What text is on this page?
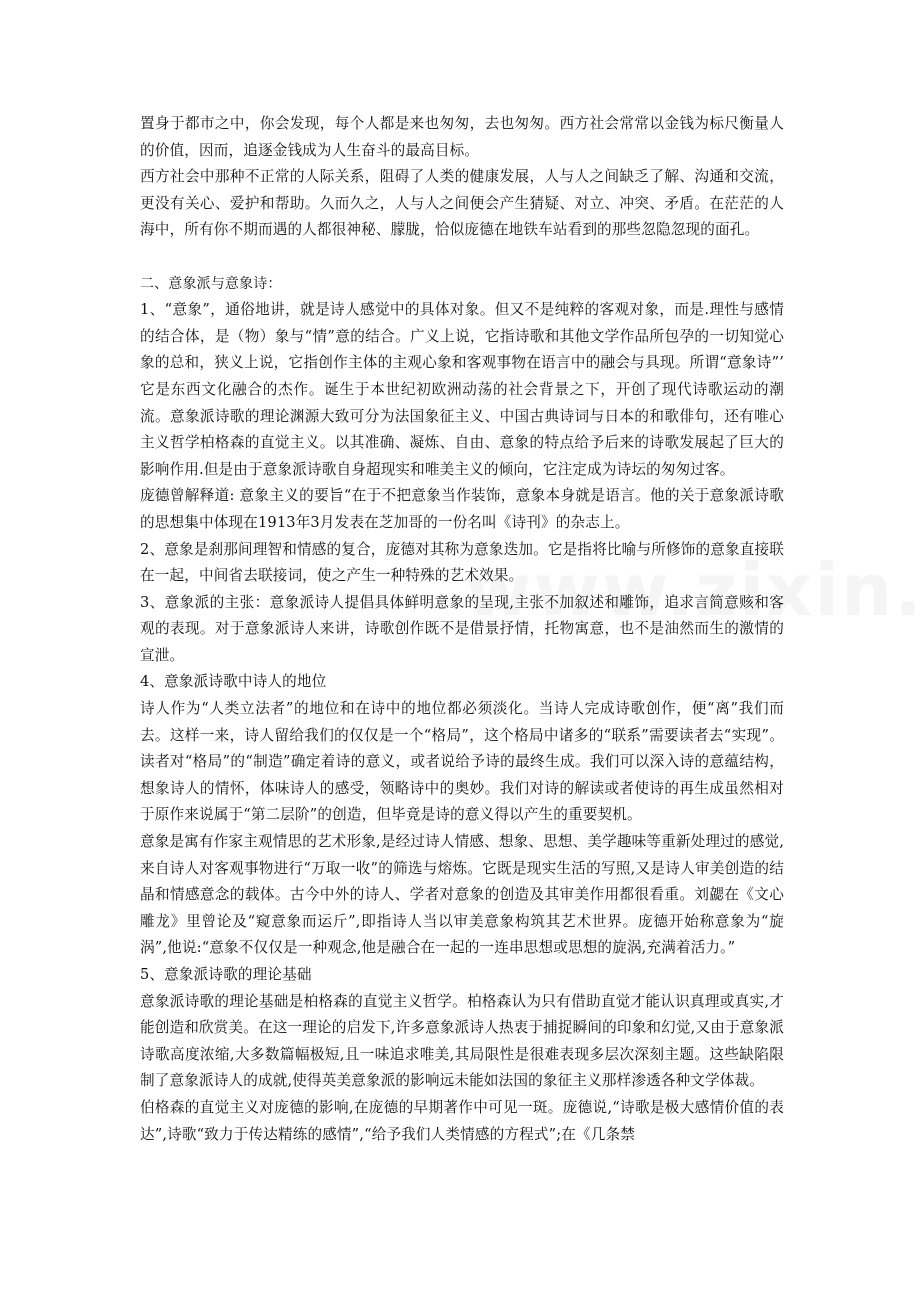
置身于都市之中，你会发现，每个人都是来也匆匆，去也匆匆。西方社会常常以金钱为标尺衡量人的价值，因而，追逐金钱成为人生奋斗的最高目标。

西方社会中那种不正常的人际关系，阻碍了人类的健康发展，人与人之间缺乏了解、沟通和交流，更没有关心、爱护和帮助。久而久之，人与人之间便会产生猜疑、对立、冲突、矛盾。在茫茫的人海中，所有你不期而遇的人都很神秘、朦胧，恰似庞德在地铁车站看到的那些忽隐忽现的面孔。

二、意象派与意象诗：

1、“意象”，通俗地讲，就是诗人感觉中的具体对象。但又不是纯粹的客观对象，而是.理性与感情的结合体，是（物）象与“情”意的结合。广义上说，它指诗歌和其他文学作品所包孕的一切知觉心象的总和，狭义上说，它指创作主体的主观心象和客观事物在语言中的融会与具现。所谓“意象诗”’ 它是东西文化融合的杰作。诞生于本世纪初欧洲动荡的社会背景之下，开创了现代诗歌运动的潮流。意象派诗歌的理论渊源大致可分为法国象征主义、中国古典诗词与日本的和歌俳句，还有唯心主义哲学柏格森的直觉主义。以其准确、凝炼、自由、意象的特点给予后来的诗歌发展起了巨大的影响作用.但是由于意象派诗歌自身超现实和唯美主义的倾向，它注定成为诗坛的匆匆过客。

庞德曾解释道: 意象主义的要旨“在于不把意象当作装饰，意象本身就是语言。他的关于意象派诗歌的思想集中体现在1913年3月发表在芝加哥的一份名叫《诗刊》的杂志上。

2、意象是刹那间理智和情感的复合，庞德对其称为意象迭加。它是指将比喻与所修饰的意象直接联在一起，中间省去联接词，使之产生一种特殊的艺术效果。

3、意象派的主张：意象派诗人提倡具体鲜明意象的呈现,主张不加叙述和雕饰，追求言简意赅和客观的表现。对于意象派诗人来讲，诗歌创作既不是借景抒情，托物寓意，也不是油然而生的激情的宣泄。

4、意象派诗歌中诗人的地位

诗人作为“人类立法者”的地位和在诗中的地位都必须淡化。当诗人完成诗歌创作，便“离”我们而去。这样一来，诗人留给我们的仅仅是一个“格局”，这个格局中诸多的“联系”需要读者去“实现”。读者对“格局”的“制造”确定着诗的意义，或者说给予诗的最终生成。我们可以深入诗的意蕴结构，想象诗人的情怀，体味诗人的感受，领略诗中的奥妙。我们对诗的解读或者使诗的再生成虽然相对于原作来说属于“第二层阶”的创造，但毕竟是诗的意义得以产生的重要契机。

意象是寓有作家主观情思的艺术形象,是经过诗人情感、想象、思想、美学趣味等重新处理过的感觉,来自诗人对客观事物进行“万取一收”的筛选与熔炼。它既是现实生活的写照,又是诗人审美创造的结晶和情感意念的载体。古今中外的诗人、学者对意象的创造及其审美作用都很看重。刘勰在《文心雕龙》里曾论及“窥意象而运斤”,即指诗人当以审美意象构筑其艺术世界。庞德开始称意象为“旋涡”,他说:“意象不仅仅是一种观念,他是融合在一起的一连串思想或思想的旋涡,充满着活力。”

5、意象派诗歌的理论基础

意象派诗歌的理论基础是柏格森的直觉主义哲学。柏格森认为只有借助直觉才能认识真理或真实,才能创造和欣赏美。在这一理论的启发下,许多意象派诗人热衷于捕捉瞬间的印象和幻觉,又由于意象派诗歌高度浓缩,大多数篇幅极短,且一味追求唯美,其局限性是很难表现多层次深刻主题。这些缺陷限制了意象派诗人的成就,使得英美意象派的影响远未能如法国的象征主义那样渗透各种文学体裁。

伯格森的直觉主义对庞德的影响,在庞德的早期著作中可见一斑。庞德说,“诗歌是极大感情价值的表达”,诗歌“致力于传达精练的感情”,“给予我们人类情感的方程式”;在《几条禁
